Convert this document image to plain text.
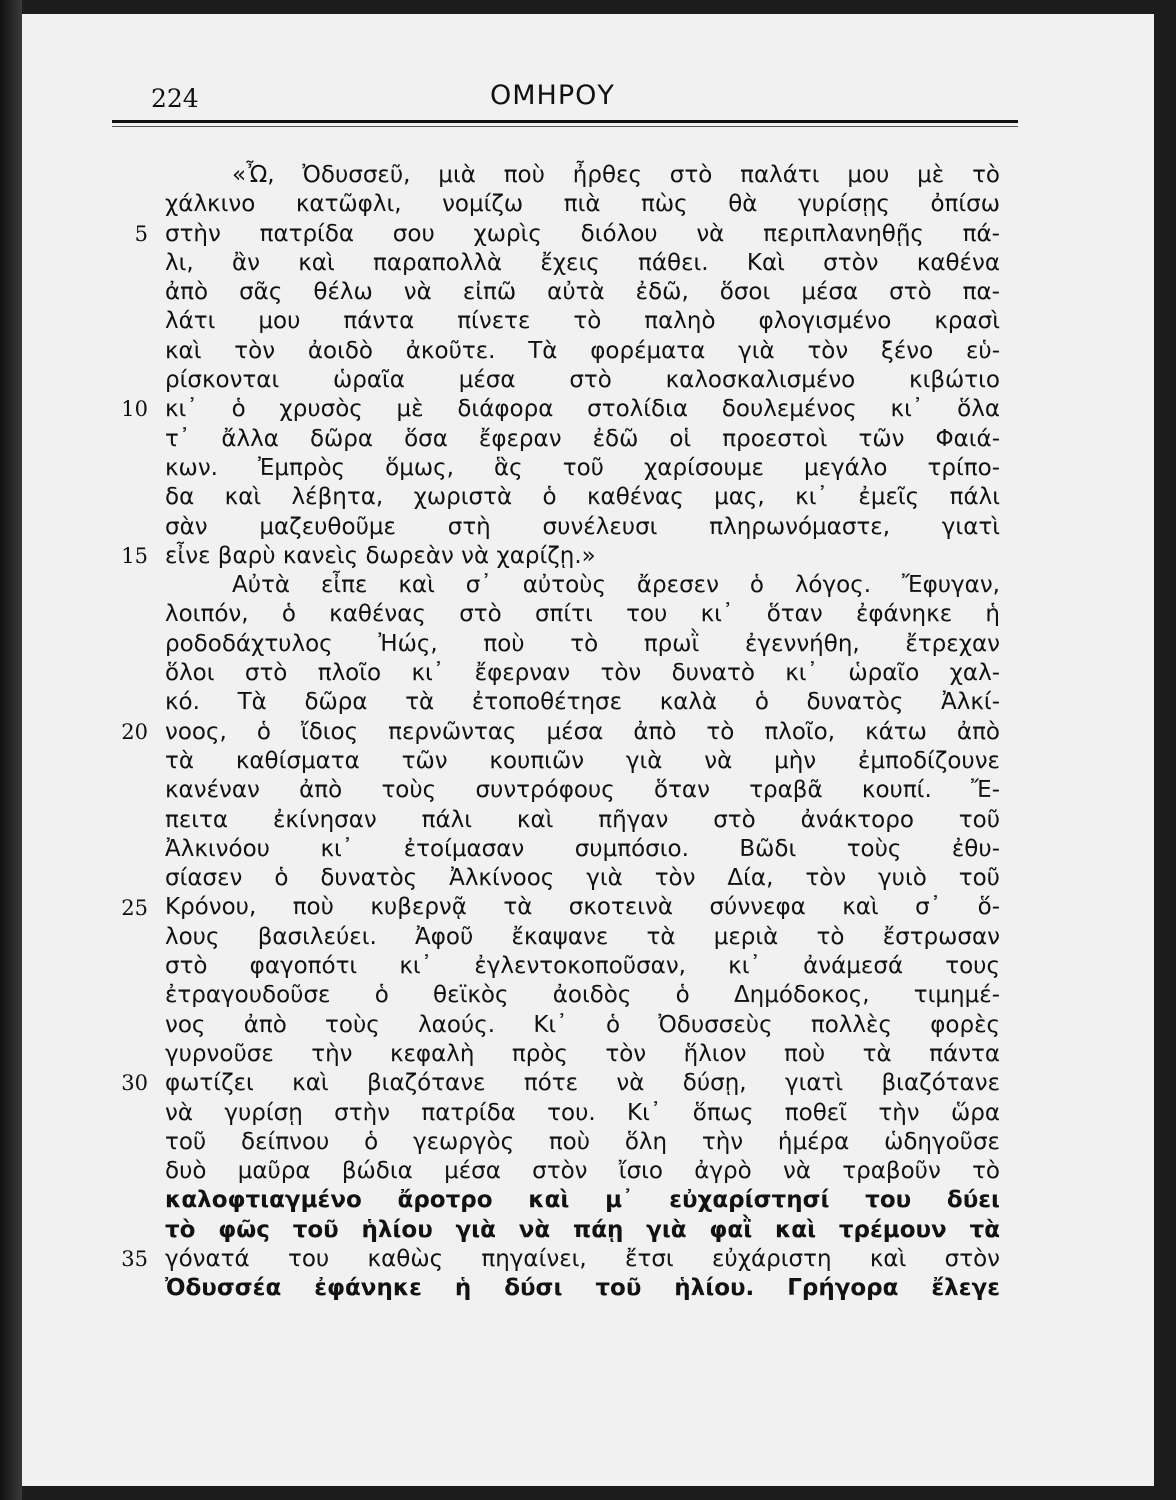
224	ΟΜΗΡΟΥ
«Ὦ, Ὀδυσσεῦ, μιὰ ποὺ ἦρθες στὸ παλάτι μου μὲ τὸ
χάλκινο κατῶφλι, νομίζω πιὰ πὼς θὰ γυρίσῃς ὀπίσω
στὴν πατρίδα σου χωρὶς διόλου νὰ περιπλανηθῇς πά-
5
λι, ἂν καὶ παραπολλὰ ἔχεις πάθει. Καὶ στὸν καθένα
ἀπὸ σᾶς θέλω νὰ εἰπῶ αὐτὰ ἐδῶ, ὅσοι μέσα στὸ πα-
λάτι μου πάντα πίνετε τὸ παληὸ φλογισμένο κρασὶ
καὶ τὸν ἀοιδὸ ἀκοῦτε. Τὰ φορέματα γιὰ τὸν ξένο εὑ-
ρίσκονται ὡραῖα μέσα στὸ καλοσκαλισμένο κιβώτιο
κι᾿ ὁ χρυσὸς μὲ διάφορα στολίδια δουλεμένος κι᾿ ὅλα
10
τ᾿ ἄλλα δῶρα ὅσα ἔφεραν ἐδῶ οἱ προεστοὶ τῶν Φαιά-
κων. Ἐμπρὸς ὅμως, ἃς τοῦ χαρίσουμε μεγάλο τρίπο-
δα καὶ λέβητα, χωριστὰ ὁ καθένας μας, κι᾿ ἐμεῖς πάλι
σὰν μαζευθοῦμε στὴ συνέλευσι πληρωνόμαστε, γιατὶ
εἶνε βαρὺ κανεὶς δωρεὰν νὰ χαρίζῃ.»
15
Αὐτὰ εἶπε καὶ σ᾿ αὐτοὺς ἄρεσεν ὁ λόγος. Ἔφυγαν,
λοιπόν, ὁ καθένας στὸ σπίτι του κι᾿ ὅταν ἐφάνηκε ἡ
ροδοδάχτυλος Ἠώς, ποὺ τὸ πρωῒ ἐγεννήθη, ἔτρεχαν
ὅλοι στὸ πλοῖο κι᾿ ἔφερναν τὸν δυνατὸ κι᾿ ὡραῖο χαλ-
κό. Τὰ δῶρα τὰ ἐτοποθέτησε καλὰ ὁ δυνατὸς Ἀλκί-
νοος, ὁ ἴδιος περνῶντας μέσα ἀπὸ τὸ πλοῖο, κάτω ἀπὸ
20
τὰ καθίσματα τῶν κουπιῶν γιὰ νὰ μὴν ἐμποδίζουνε
κανέναν ἀπὸ τοὺς συντρόφους ὅταν τραβᾶ κουπί. Ἔ-
πειτα ἐκίνησαν πάλι καὶ πῆγαν στὸ ἀνάκτορο τοῦ
Ἀλκινόου κι᾿ ἐτοίμασαν συμπόσιο. Βῶδι τοὺς ἐθυ-
σίασεν ὁ δυνατὸς Ἀλκίνοος γιὰ τὸν Δία, τὸν γυιὸ τοῦ
Κρόνου, ποὺ κυβερνᾷ τὰ σκοτεινὰ σύννεφα καὶ σ᾿ ὅ-
25
λους βασιλεύει. Ἀφοῦ ἔκαψανε τὰ μεριὰ τὸ ἔστρωσαν
στὸ φαγοπότι κι᾿ ἐγλεντοκοποῦσαν, κι᾿ ἀνάμεσά τους
ἐτραγουδοῦσε ὁ θεϊκὸς ἀοιδὸς ὁ Δημόδοκος, τιμημέ-
νος ἀπὸ τοὺς λαούς. Κι᾿ ὁ Ὀδυσσεὺς πολλὲς φορὲς
γυρνοῦσε τὴν κεφαλὴ πρὸς τὸν ἥλιον ποὺ τὰ πάντα
φωτίζει καὶ βιαζότανε πότε νὰ δύσῃ, γιατὶ βιαζότανε
30
νὰ γυρίσῃ στὴν πατρίδα του. Κι᾿ ὅπως ποθεῖ τὴν ὥρα
τοῦ δείπνου ὁ γεωργὸς ποὺ ὅλη τὴν ἡμέρα ὡδηγοῦσε
δυὸ μαῦρα βώδια μέσα στὸν ἴσιο ἀγρὸ νὰ τραβοῦν τὸ
καλοφτιαγμένο ἄροτρο καὶ μ᾿ εὐχαρίστησί του δύει
τὸ φῶς τοῦ ἡλίου γιὰ νὰ πάῃ γιὰ φαῒ καὶ τρέμουν τὰ
γόνατά του καθὼς πηγαίνει, ἔτσι εὐχάριστη καὶ στὸν
35
Ὀδυσσέα ἐφάνηκε ἡ δύσι τοῦ ἡλίου. Γρήγορα ἔλεγε
